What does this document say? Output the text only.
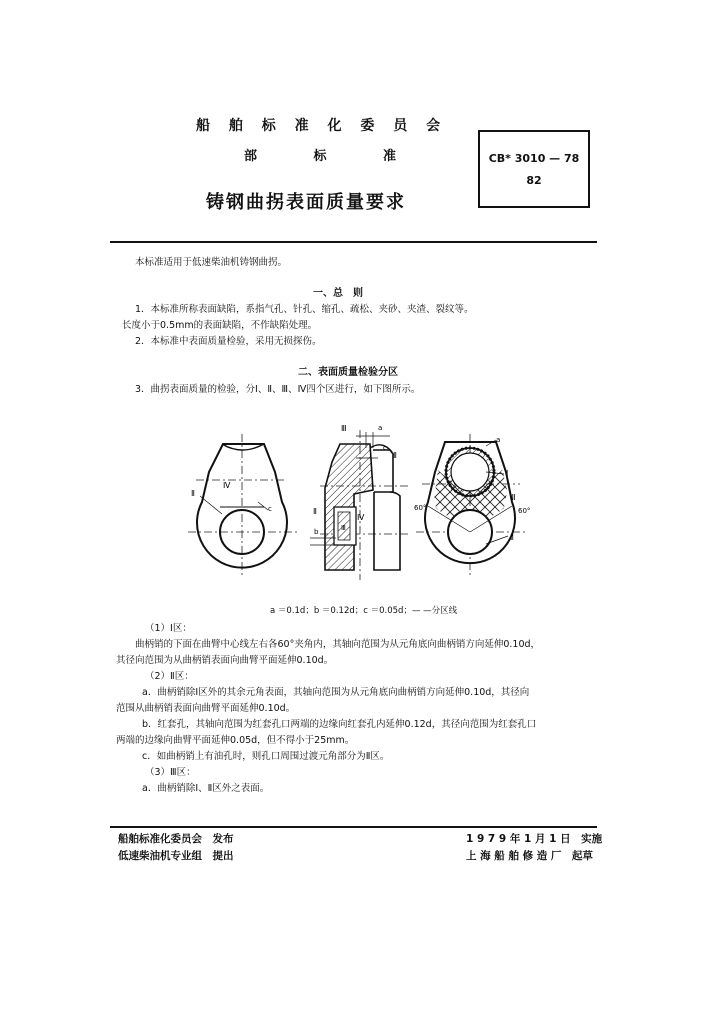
船 舶 标 准 化 委 员 会
部 标 准
铸钢曲拐表面质量要求
CB* 3010 — 78
82
本标准适用于低速柴油机铸钢曲拐。
一、总　则
1．本标准所称表面缺陷，系指气孔、针孔、缩孔、疏松、夹砂、夹渣、裂纹等。
长度小于0.5mm的表面缺陷，不作缺陷处理。
2．本标准中表面质量检验，采用无损探伤。
二、表面质量检验分区
3．曲拐表面质量的检验，分Ⅰ、Ⅱ、Ⅲ、Ⅳ四个区进行，如下图所示。
Ⅳ
Ⅱ
c
Ⅲ	a
c
Ⅱ
Ⅱ
Ⅲ
Ⅳ
b
a
Ⅰ
Ⅲ
60°	60°
Ⅱ
a ＝0.1d；b ＝0.12d；c ＝0.05d；— —分区线
（1）Ⅰ区：
曲柄销的下面在曲臂中心线左右各60°夹角内，其轴向范围为从元角底向曲柄销方向延伸0.10d，
其径向范围为从曲柄销表面向曲臂平面延伸0.10d。
（2）Ⅱ区：
a．曲柄销除Ⅰ区外的其余元角表面，其轴向范围为从元角底向曲柄销方向延伸0.10d，其径向
范围从曲柄销表面向曲臂平面延伸0.10d。
b．红套孔，其轴向范围为红套孔口两端的边缘向红套孔内延伸0.12d，其径向范围为红套孔口
两端的边缘向曲臂平面延伸0.05d，但不得小于25mm。
c．如曲柄销上有油孔时，则孔口周围过渡元角部分为Ⅱ区。
（3）Ⅲ区：
a．曲柄销除Ⅰ、Ⅱ区外之表面。
船舶标准化委员会　发布
低速柴油机专业组　提出
1 9 7 9 年 1 月 1 日　实施
上 海 船 舶 修 造 厂　起草
